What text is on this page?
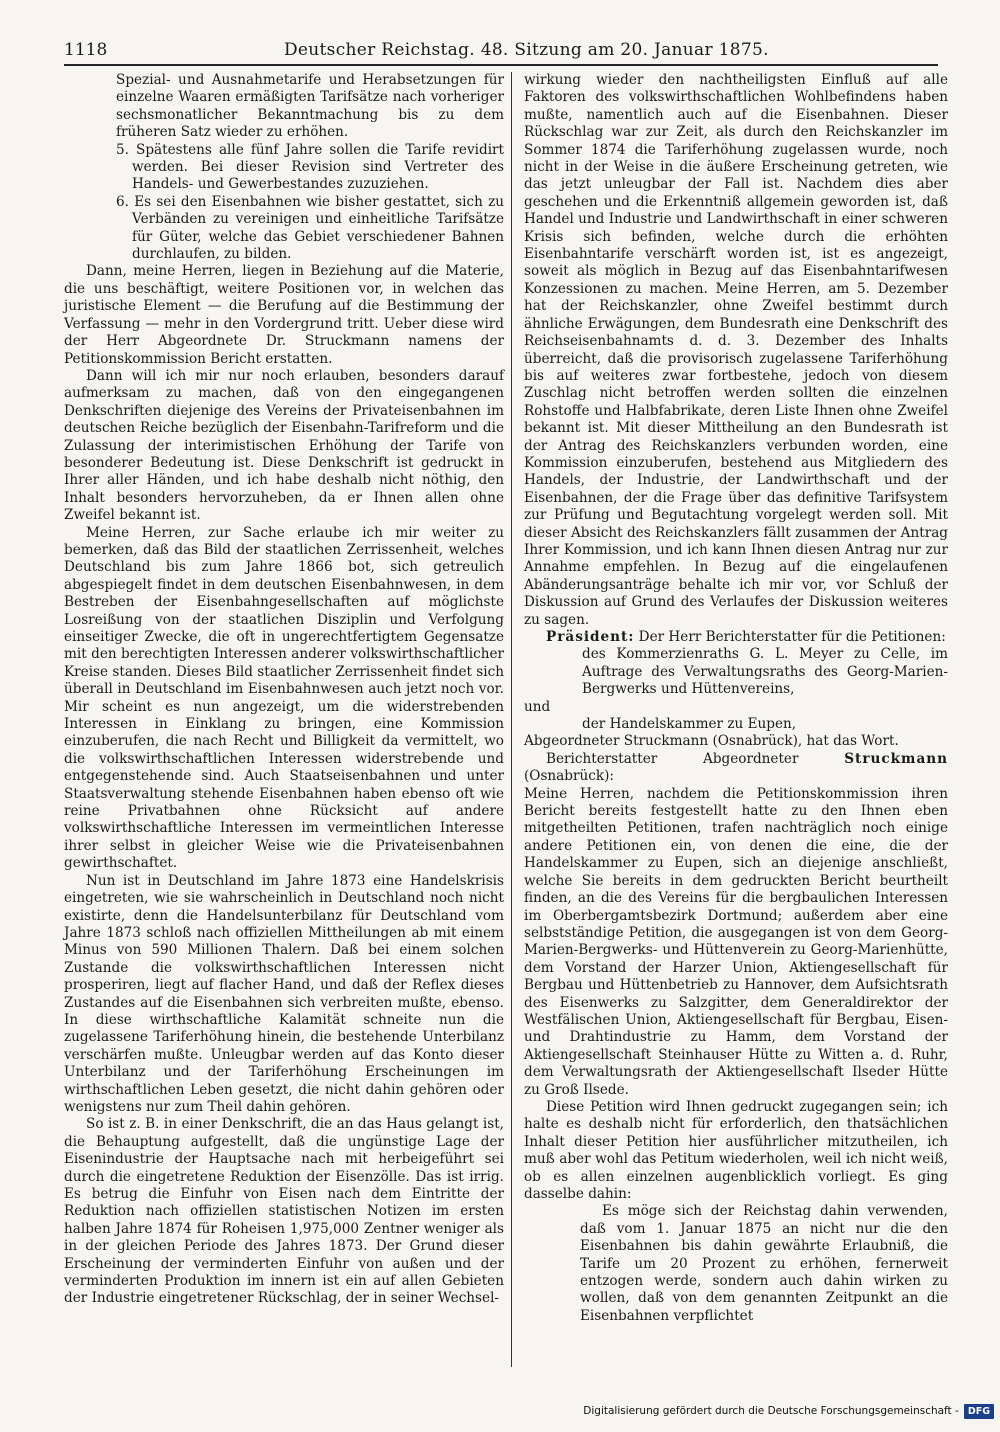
1118	Deutscher Reichstag. 48. Sitzung am 20. Januar 1875.

Spezial- und Ausnahmetarife und Herabsetzungen für einzelne Waaren ermäßigten Tarifsätze nach vorheriger sechsmonatlicher Bekanntmachung bis zu dem früheren Satz wieder zu erhöhen.

5. Spätestens alle fünf Jahre sollen die Tarife revidirt werden. Bei dieser Revision sind Vertreter des Handels- und Gewerbestandes zuzuziehen.

6. Es sei den Eisenbahnen wie bisher gestattet, sich zu Verbänden zu vereinigen und einheitliche Tarifsätze für Güter, welche das Gebiet verschiedener Bahnen durchlaufen, zu bilden.

Dann, meine Herren, liegen in Beziehung auf die Materie, die uns beschäftigt, weitere Positionen vor, in welchen das juristische Element — die Berufung auf die Bestimmung der Verfassung — mehr in den Vordergrund tritt. Ueber diese wird der Herr Abgeordnete Dr. Struckmann namens der Petitionskommission Bericht erstatten.

Dann will ich mir nur noch erlauben, besonders darauf aufmerksam zu machen, daß von den eingegangenen Denkschriften diejenige des Vereins der Privateisenbahnen im deutschen Reiche bezüglich der Eisenbahn-Tarifreform und die Zulassung der interimistischen Erhöhung der Tarife von besonderer Bedeutung ist. Diese Denkschrift ist gedruckt in Ihrer aller Händen, und ich habe deshalb nicht nöthig, den Inhalt besonders hervorzuheben, da er Ihnen allen ohne Zweifel bekannt ist.

Meine Herren, zur Sache erlaube ich mir weiter zu bemerken, daß das Bild der staatlichen Zerrissenheit, welches Deutschland bis zum Jahre 1866 bot, sich getreulich abgespiegelt findet in dem deutschen Eisenbahnwesen, in dem Bestreben der Eisenbahngesellschaften auf möglichste Losreißung von der staatlichen Disziplin und Verfolgung einseitiger Zwecke, die oft in ungerechtfertigtem Gegensatze mit den berechtigten Interessen anderer volkswirthschaftlicher Kreise standen. Dieses Bild staatlicher Zerrissenheit findet sich überall in Deutschland im Eisenbahnwesen auch jetzt noch vor. Mir scheint es nun angezeigt, um die widerstrebenden Interessen in Einklang zu bringen, eine Kommission einzuberufen, die nach Recht und Billigkeit da vermittelt, wo die volkswirthschaftlichen Interessen widerstrebende und entgegenstehende sind. Auch Staatseisenbahnen und unter Staatsverwaltung stehende Eisenbahnen haben ebenso oft wie reine Privatbahnen ohne Rücksicht auf andere volkswirthschaftliche Interessen im vermeintlichen Interesse ihrer selbst in gleicher Weise wie die Privateisenbahnen gewirthschaftet.

Nun ist in Deutschland im Jahre 1873 eine Handelskrisis eingetreten, wie sie wahrscheinlich in Deutschland noch nicht existirte, denn die Handelsunterbilanz für Deutschland vom Jahre 1873 schloß nach offiziellen Mittheilungen ab mit einem Minus von 590 Millionen Thalern. Daß bei einem solchen Zustande die volkswirthschaftlichen Interessen nicht prosperiren, liegt auf flacher Hand, und daß der Reflex dieses Zustandes auf die Eisenbahnen sich verbreiten mußte, ebenso. In diese wirthschaftliche Kalamität schneite nun die zugelassene Tariferhöhung hinein, die bestehende Unterbilanz verschärfen mußte. Unleugbar werden auf das Konto dieser Unterbilanz und der Tariferhöhung Erscheinungen im wirthschaftlichen Leben gesetzt, die nicht dahin gehören oder wenigstens nur zum Theil dahin gehören.

So ist z. B. in einer Denkschrift, die an das Haus gelangt ist, die Behauptung aufgestellt, daß die ungünstige Lage der Eisenindustrie der Hauptsache nach mit herbeigeführt sei durch die eingetretene Reduktion der Eisenzölle. Das ist irrig. Es betrug die Einfuhr von Eisen nach dem Eintritte der Reduktion nach offiziellen statistischen Notizen im ersten halben Jahre 1874 für Roheisen 1,975,000 Zentner weniger als in der gleichen Periode des Jahres 1873. Der Grund dieser Erscheinung der verminderten Einfuhr von außen und der verminderten Produktion im innern ist ein auf allen Gebieten der Industrie eingetretener Rückschlag, der in seiner Wechsel-

wirkung wieder den nachtheiligsten Einfluß auf alle Faktoren des volkswirthschaftlichen Wohlbefindens haben mußte, namentlich auch auf die Eisenbahnen. Dieser Rückschlag war zur Zeit, als durch den Reichskanzler im Sommer 1874 die Tariferhöhung zugelassen wurde, noch nicht in der Weise in die äußere Erscheinung getreten, wie das jetzt unleugbar der Fall ist. Nachdem dies aber geschehen und die Erkenntniß allgemein geworden ist, daß Handel und Industrie und Landwirthschaft in einer schweren Krisis sich befinden, welche durch die erhöhten Eisenbahntarife verschärft worden ist, ist es angezeigt, soweit als möglich in Bezug auf das Eisenbahntarifwesen Konzessionen zu machen. Meine Herren, am 5. Dezember hat der Reichskanzler, ohne Zweifel bestimmt durch ähnliche Erwägungen, dem Bundesrath eine Denkschrift des Reichseisenbahnamts d. d. 3. Dezember des Inhalts überreicht, daß die provisorisch zugelassene Tariferhöhung bis auf weiteres zwar fortbestehe, jedoch von diesem Zuschlag nicht betroffen werden sollten die einzelnen Rohstoffe und Halbfabrikate, deren Liste Ihnen ohne Zweifel bekannt ist. Mit dieser Mittheilung an den Bundesrath ist der Antrag des Reichskanzlers verbunden worden, eine Kommission einzuberufen, bestehend aus Mitgliedern des Handels, der Industrie, der Landwirthschaft und der Eisenbahnen, der die Frage über das definitive Tarifsystem zur Prüfung und Begutachtung vorgelegt werden soll. Mit dieser Absicht des Reichskanzlers fällt zusammen der Antrag Ihrer Kommission, und ich kann Ihnen diesen Antrag nur zur Annahme empfehlen. In Bezug auf die eingelaufenen Abänderungsanträge behalte ich mir vor, vor Schluß der Diskussion auf Grund des Verlaufes der Diskussion weiteres zu sagen.

Präsident: Der Herr Berichterstatter für die Petitionen:

des Kommerzienraths G. L. Meyer zu Celle, im Auftrage des Verwaltungsraths des Georg-Marien-Bergwerks und Hüttenvereins,

und

der Handelskammer zu Eupen,

Abgeordneter Struckmann (Osnabrück), hat das Wort.

Berichterstatter Abgeordneter	Struckmann (Osnabrück):

Meine Herren, nachdem die Petitionskommission ihren Bericht bereits festgestellt hatte zu den Ihnen eben mitgetheilten Petitionen, trafen nachträglich noch einige andere Petitionen ein, von denen die eine, die der Handelskammer zu Eupen, sich an diejenige anschließt, welche Sie bereits in dem gedruckten Bericht beurtheilt finden, an die des Vereins für die bergbaulichen Interessen im Oberbergamtsbezirk Dortmund; außerdem aber eine selbstständige Petition, die ausgegangen ist von dem Georg-Marien-Bergwerks- und Hüttenverein zu Georg-Marienhütte, dem Vorstand der Harzer Union, Aktiengesellschaft für Bergbau und Hüttenbetrieb zu Hannover, dem Aufsichtsrath des Eisenwerks zu Salzgitter, dem Generaldirektor der Westfälischen Union, Aktiengesellschaft für Bergbau, Eisen- und Drahtindustrie zu Hamm, dem Vorstand der Aktiengesellschaft Steinhauser Hütte zu Witten a. d. Ruhr, dem Verwaltungsrath der Aktiengesellschaft Ilseder Hütte zu Groß Ilsede.

Diese Petition wird Ihnen gedruckt zugegangen sein; ich halte es deshalb nicht für erforderlich, den thatsächlichen Inhalt dieser Petition hier ausführlicher mitzutheilen, ich muß aber wohl das Petitum wiederholen, weil ich nicht weiß, ob es allen einzelnen augenblicklich vorliegt. Es ging dasselbe dahin:

Es möge sich der Reichstag dahin verwenden, daß vom 1. Januar 1875 an nicht nur die den Eisenbahnen bis dahin gewährte Erlaubniß, die Tarife um 20 Prozent zu erhöhen, fernerweit entzogen werde, sondern auch dahin wirken zu wollen, daß von dem genannten Zeitpunkt an die Eisenbahnen verpflichtet

Digitalisierung gefördert durch die Deutsche Forschungsgemeinschaft - DFG
